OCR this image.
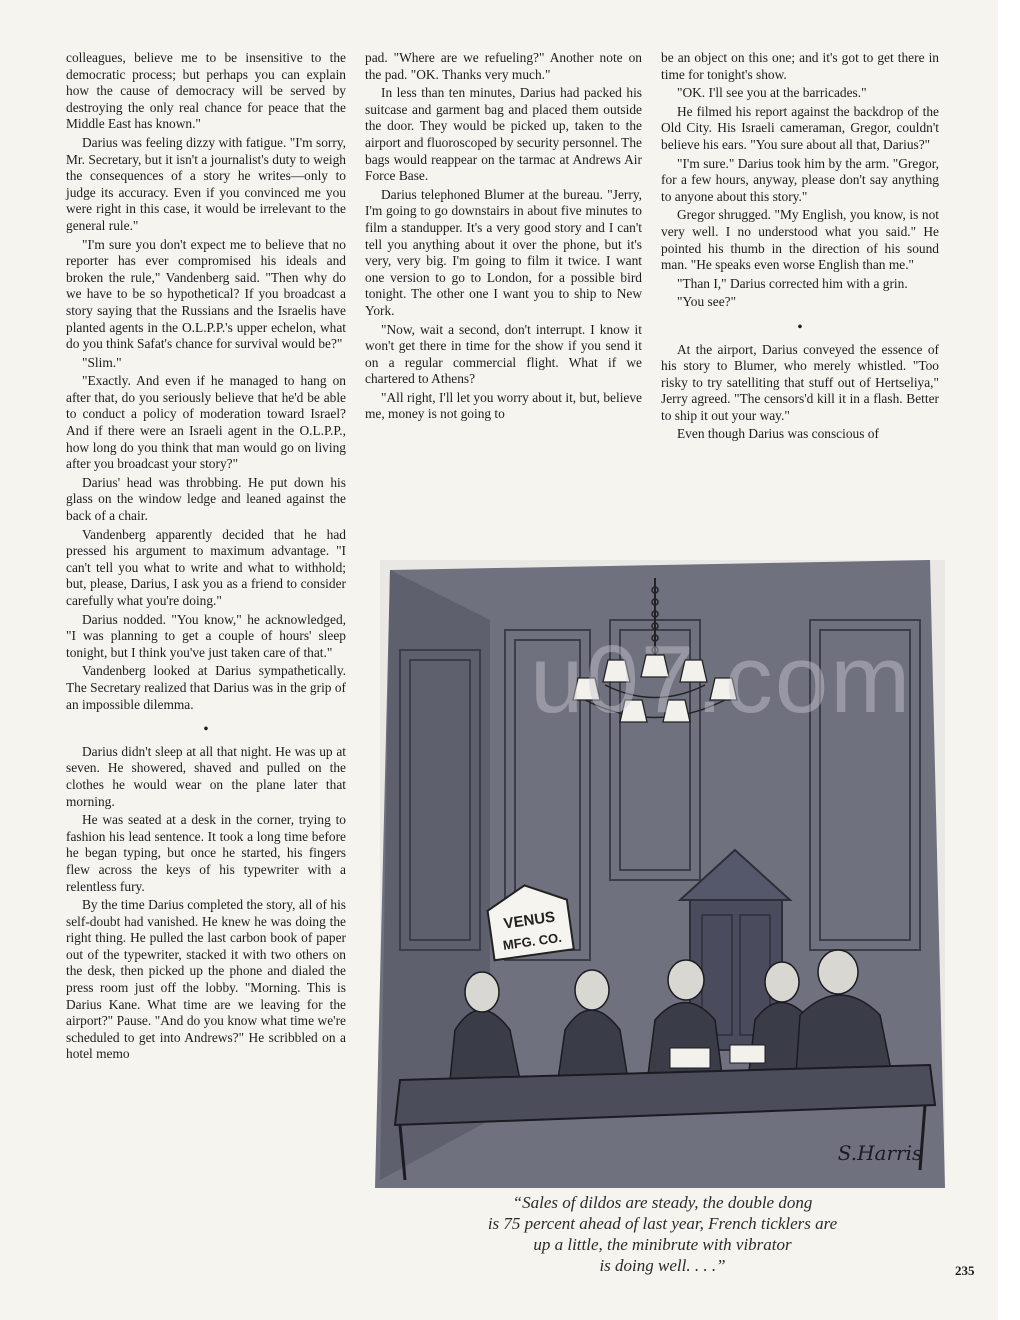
colleagues, believe me to be insensitive to the democratic process; but perhaps you can explain how the cause of democracy will be served by destroying the only real chance for peace that the Middle East has known."

Darius was feeling dizzy with fatigue. "I'm sorry, Mr. Secretary, but it isn't a journalist's duty to weigh the consequences of a story he writes—only to judge its accuracy. Even if you convinced me you were right in this case, it would be irrelevant to the general rule."

"I'm sure you don't expect me to believe that no reporter has ever compromised his ideals and broken the rule," Vandenberg said. "Then why do we have to be so hypothetical? If you broadcast a story saying that the Russians and the Israelis have planted agents in the O.L.P.P.'s upper echelon, what do you think Safat's chance for survival would be?"

"Slim."

"Exactly. And even if he managed to hang on after that, do you seriously believe that he'd be able to conduct a policy of moderation toward Israel? And if there were an Israeli agent in the O.L.P.P., how long do you think that man would go on living after you broadcast your story?"

Darius' head was throbbing. He put down his glass on the window ledge and leaned against the back of a chair.

Vandenberg apparently decided that he had pressed his argument to maximum advantage. "I can't tell you what to write and what to withhold; but, please, Darius, I ask you as a friend to consider carefully what you're doing."

Darius nodded. "You know," he acknowledged, "I was planning to get a couple of hours' sleep tonight, but I think you've just taken care of that."

Vandenberg looked at Darius sympathetically. The Secretary realized that Darius was in the grip of an impossible dilemma.

•

Darius didn't sleep at all that night. He was up at seven. He showered, shaved and pulled on the clothes he would wear on the plane later that morning.

He was seated at a desk in the corner, trying to fashion his lead sentence. It took a long time before he began typing, but once he started, his fingers flew across the keys of his typewriter with a relentless fury.

By the time Darius completed the story, all of his self-doubt had vanished. He knew he was doing the right thing. He pulled the last carbon book of paper out of the typewriter, stacked it with two others on the desk, then picked up the phone and dialed the press room just off the lobby. "Morning. This is Darius Kane. What time are we leaving for the airport?" Pause. "And do you know what time we're scheduled to get into Andrews?" He scribbled on a hotel memo

pad. "Where are we refueling?" Another note on the pad. "OK. Thanks very much."

In less than ten minutes, Darius had packed his suitcase and garment bag and placed them outside the door. They would be picked up, taken to the airport and fluoroscoped by security personnel. The bags would reappear on the tarmac at Andrews Air Force Base.

Darius telephoned Blumer at the bureau. "Jerry, I'm going to go downstairs in about five minutes to film a standupper. It's a very good story and I can't tell you anything about it over the phone, but it's very, very big. I'm going to film it twice. I want one version to go to London, for a possible bird tonight. The other one I want you to ship to New York.

"Now, wait a second, don't interrupt. I know it won't get there in time for the show if you send it on a regular commercial flight. What if we chartered to Athens?

"All right, I'll let you worry about it, but, believe me, money is not going to

be an object on this one; and it's got to get there in time for tonight's show.

"OK. I'll see you at the barricades."

He filmed his report against the backdrop of the Old City. His Israeli cameraman, Gregor, couldn't believe his ears. "You sure about all that, Darius?"

"I'm sure." Darius took him by the arm. "Gregor, for a few hours, anyway, please don't say anything to anyone about this story."

Gregor shrugged. "My English, you know, is not very well. I no understood what you said." He pointed his thumb in the direction of his sound man. "He speaks even worse English than me."

"Than I," Darius corrected him with a grin.

"You see?"

•

At the airport, Darius conveyed the essence of his story to Blumer, who merely whistled. "Too risky to try satelliting that stuff out of Hertseliya," Jerry agreed. "The censors'd kill it in a flash. Better to ship it out your way."

Even though Darius was conscious of

VENUS
MFG. CO.
S.Harris
u07.com
“Sales of dildos are steady, the double dong
is 75 percent ahead of last year, French ticklers are
up a little, the minibrute with vibrator
is doing well. . . .”	235
